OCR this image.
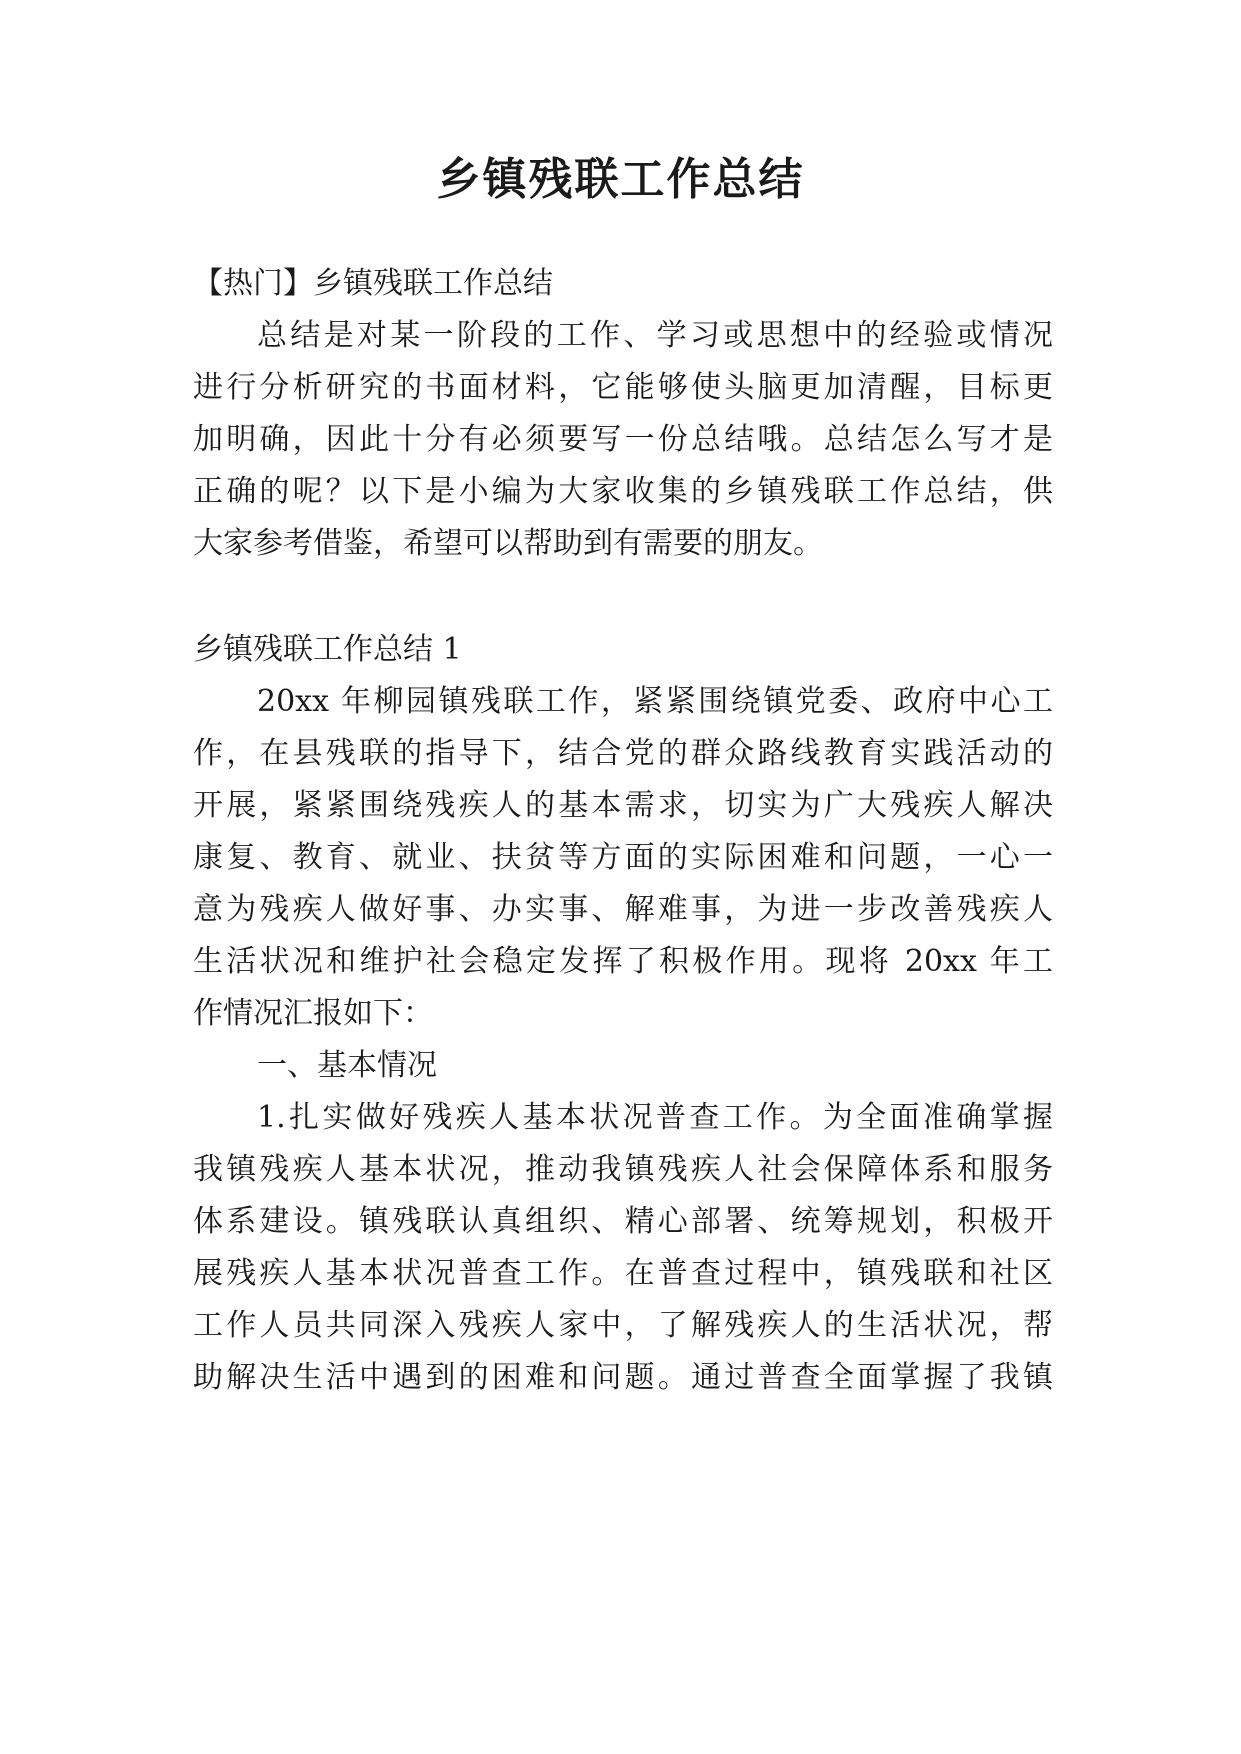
乡镇残联工作总结

【热门】乡镇残联工作总结

总结是对某一阶段的工作、学习或思想中的经验或情况

进行分析研究的书面材料，它能够使头脑更加清醒，目标更

加明确，因此十分有必须要写一份总结哦。总结怎么写才是

正确的呢？以下是小编为大家收集的乡镇残联工作总结，供

大家参考借鉴，希望可以帮助到有需要的朋友。

乡镇残联工作总结 1

20xx 年柳园镇残联工作，紧紧围绕镇党委、政府中心工

作，在县残联的指导下，结合党的群众路线教育实践活动的

开展，紧紧围绕残疾人的基本需求，切实为广大残疾人解决

康复、教育、就业、扶贫等方面的实际困难和问题，一心一

意为残疾人做好事、办实事、解难事，为进一步改善残疾人

生活状况和维护社会稳定发挥了积极作用。现将 20xx 年工

作情况汇报如下：

一、基本情况

1.扎实做好残疾人基本状况普查工作。为全面准确掌握

我镇残疾人基本状况，推动我镇残疾人社会保障体系和服务

体系建设。镇残联认真组织、精心部署、统筹规划，积极开

展残疾人基本状况普查工作。在普查过程中，镇残联和社区

工作人员共同深入残疾人家中，了解残疾人的生活状况，帮

助解决生活中遇到的困难和问题。通过普查全面掌握了我镇
